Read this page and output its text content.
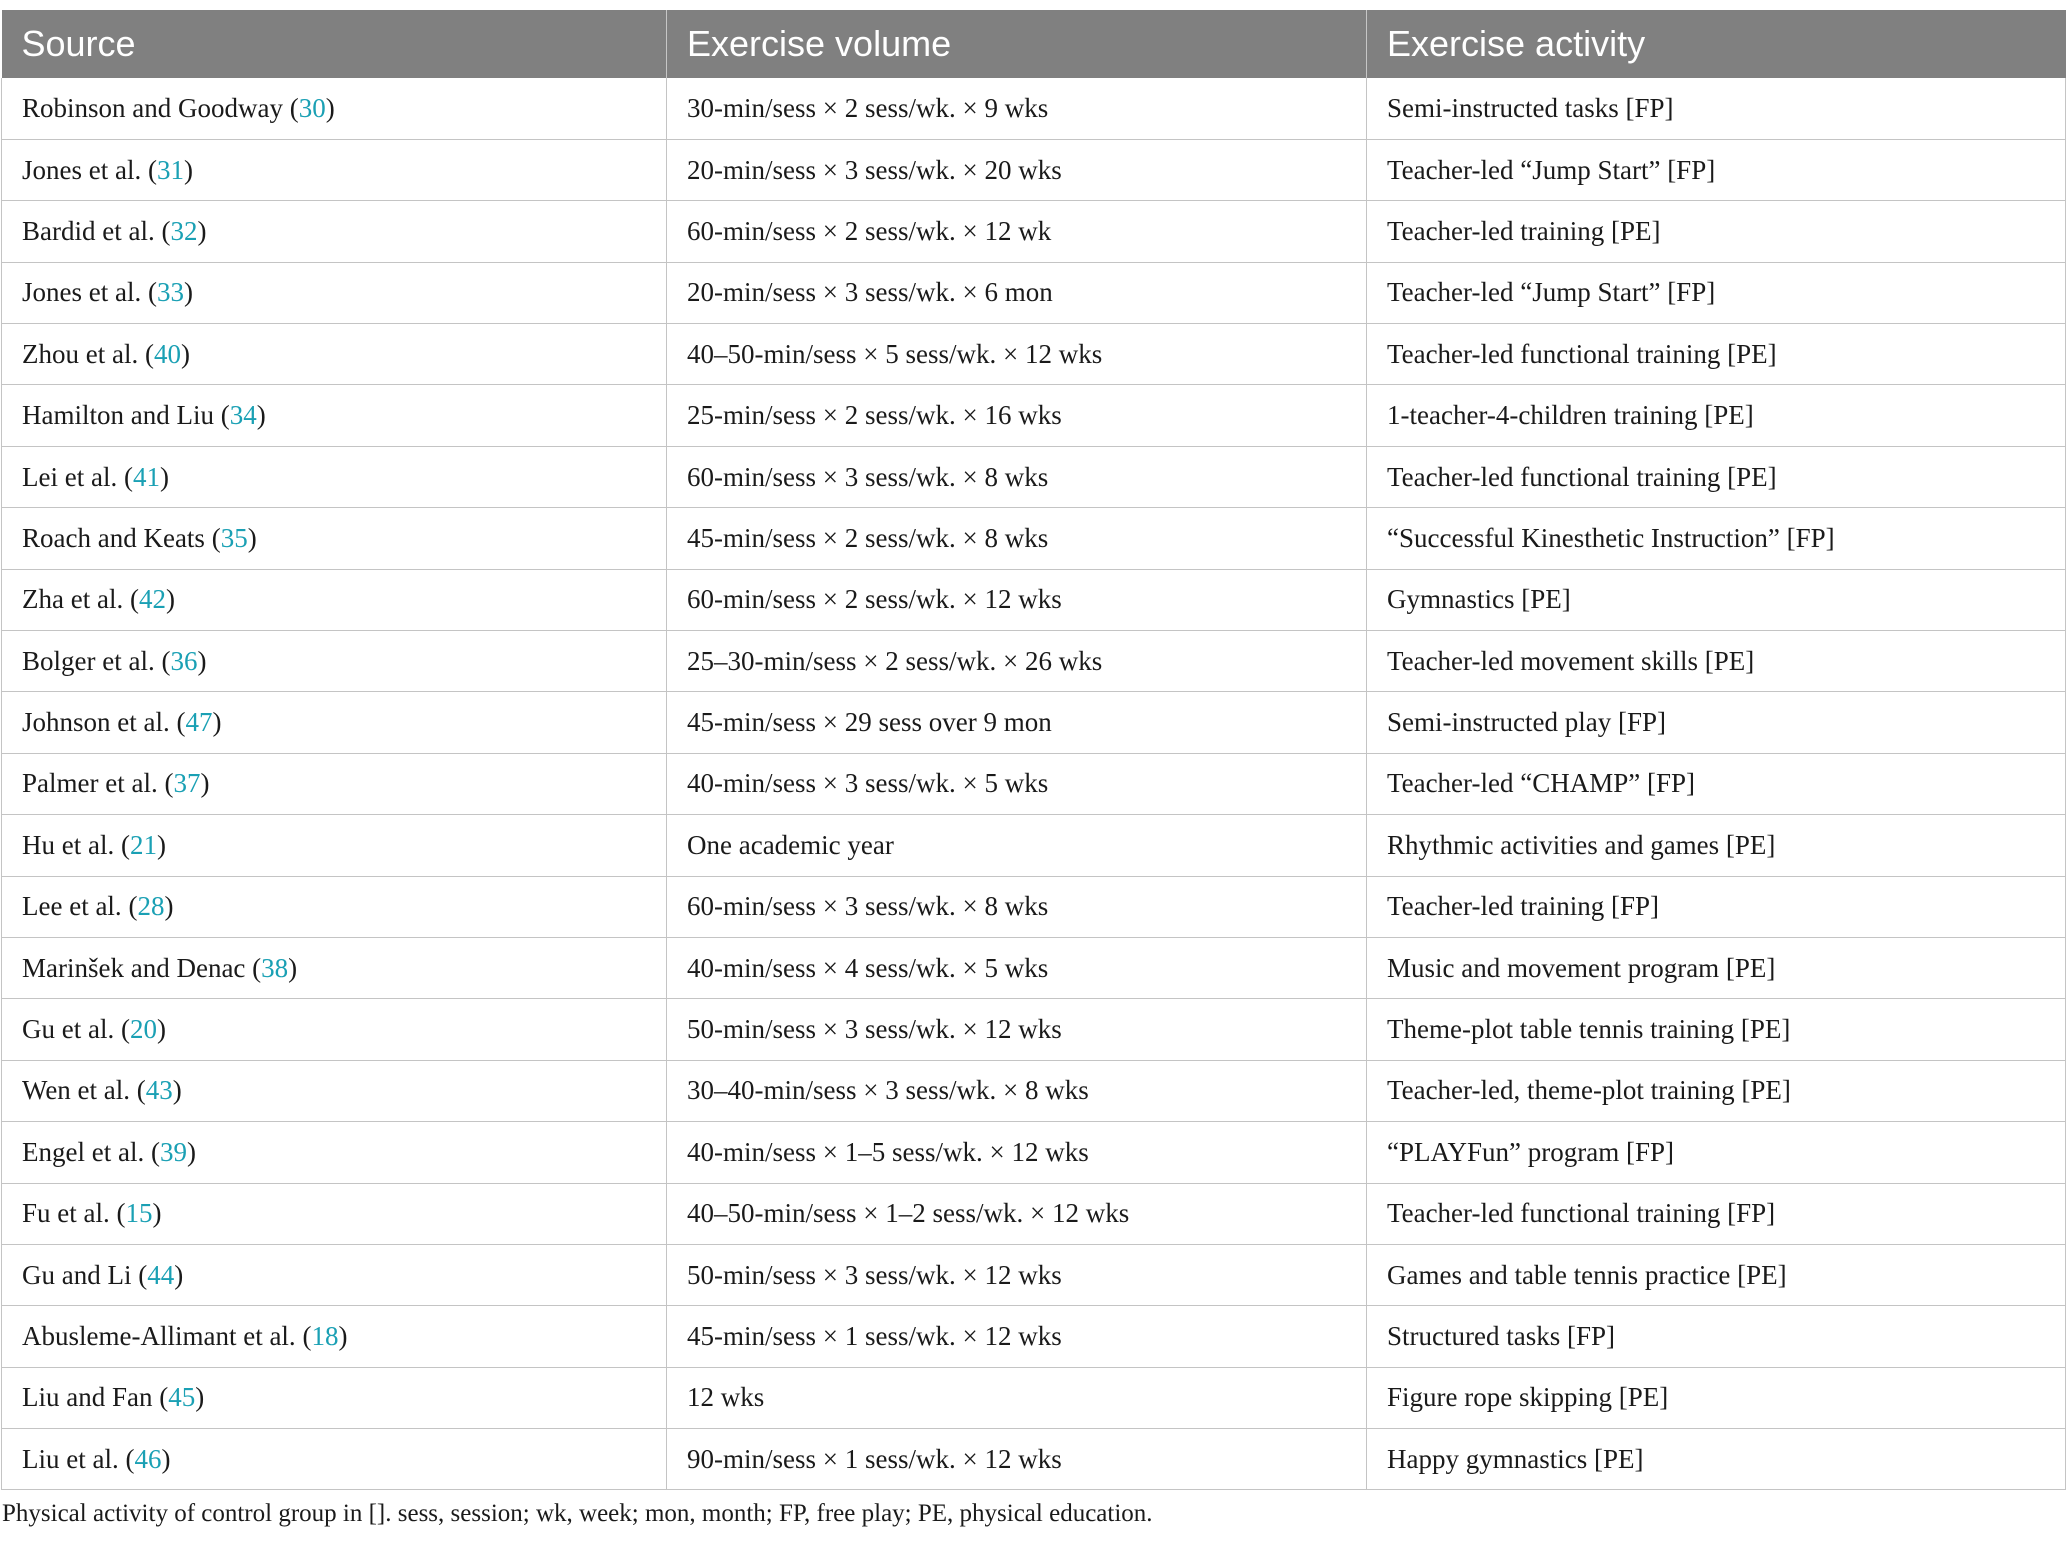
Source	Exercise volume	Exercise activity
Robinson and Goodway (30)	30-min/sess × 2 sess/wk. × 9 wks	Semi-instructed tasks [FP]
Jones et al. (31)	20-min/sess × 3 sess/wk. × 20 wks	Teacher-led “Jump Start” [FP]
Bardid et al. (32)	60-min/sess × 2 sess/wk. × 12 wk	Teacher-led training [PE]
Jones et al. (33)	20-min/sess × 3 sess/wk. × 6 mon	Teacher-led “Jump Start” [FP]
Zhou et al. (40)	40–50-min/sess × 5 sess/wk. × 12 wks	Teacher-led functional training [PE]
Hamilton and Liu (34)	25-min/sess × 2 sess/wk. × 16 wks	1-teacher-4-children training [PE]
Lei et al. (41)	60-min/sess × 3 sess/wk. × 8 wks	Teacher-led functional training [PE]
Roach and Keats (35)	45-min/sess × 2 sess/wk. × 8 wks	“Successful Kinesthetic Instruction” [FP]
Zha et al. (42)	60-min/sess × 2 sess/wk. × 12 wks	Gymnastics [PE]
Bolger et al. (36)	25–30-min/sess × 2 sess/wk. × 26 wks	Teacher-led movement skills [PE]
Johnson et al. (47)	45-min/sess × 29 sess over 9 mon	Semi-instructed play [FP]
Palmer et al. (37)	40-min/sess × 3 sess/wk. × 5 wks	Teacher-led “CHAMP” [FP]
Hu et al. (21)	One academic year	Rhythmic activities and games [PE]
Lee et al. (28)	60-min/sess × 3 sess/wk. × 8 wks	Teacher-led training [FP]
Marinšek and Denac (38)	40-min/sess × 4 sess/wk. × 5 wks	Music and movement program [PE]
Gu et al. (20)	50-min/sess × 3 sess/wk. × 12 wks	Theme-plot table tennis training [PE]
Wen et al. (43)	30–40-min/sess × 3 sess/wk. × 8 wks	Teacher-led, theme-plot training [PE]
Engel et al. (39)	40-min/sess × 1–5 sess/wk. × 12 wks	“PLAYFun” program [FP]
Fu et al. (15)	40–50-min/sess × 1–2 sess/wk. × 12 wks	Teacher-led functional training [FP]
Gu and Li (44)	50-min/sess × 3 sess/wk. × 12 wks	Games and table tennis practice [PE]
Abusleme-Allimant et al. (18)	45-min/sess × 1 sess/wk. × 12 wks	Structured tasks [FP]
Liu and Fan (45)	12 wks	Figure rope skipping [PE]
Liu et al. (46)	90-min/sess × 1 sess/wk. × 12 wks	Happy gymnastics [PE]
Physical activity of control group in []. sess, session; wk, week; mon, month; FP, free play; PE, physical education.
